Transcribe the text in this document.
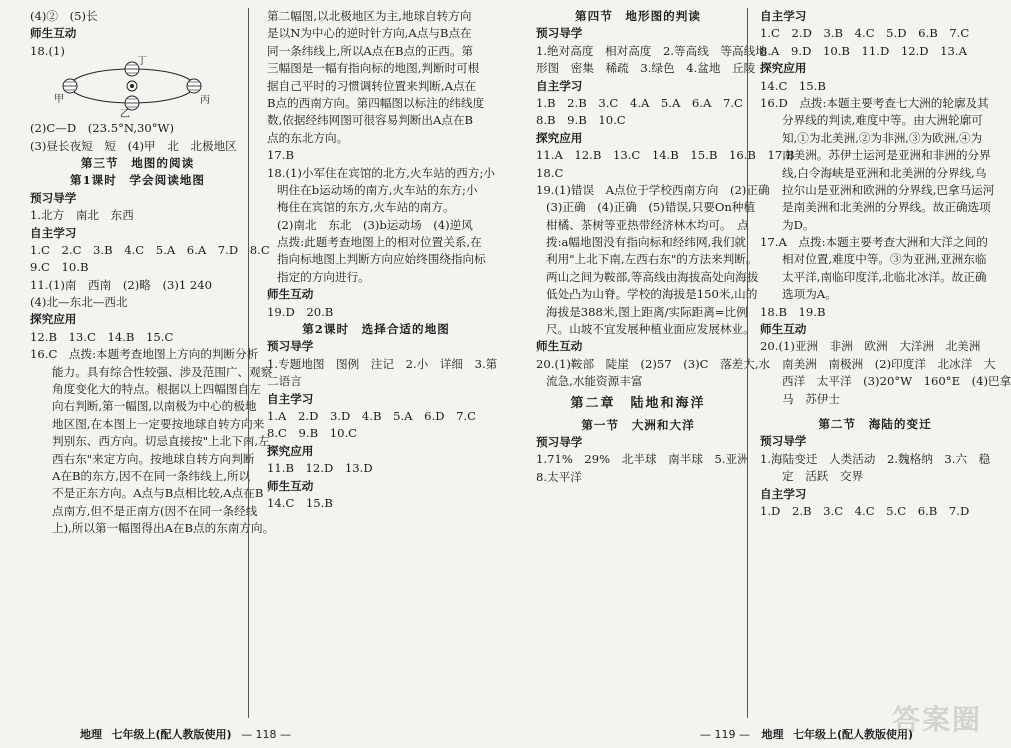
(4)②　(5)长
师生互动
18.(1)
丁
甲
乙
丙
(2)C—D　(23.5°N,30°W)
(3)昼长夜短　短　(4)甲　北　北极地区
第三节　地图的阅读
第1课时　学会阅读地图
预习导学
1.北方　南北　东西
自主学习
1.C　2.C　3.B　4.C　5.A　6.A　7.D　8.C
9.C　10.B
11.(1)南　西南　(2)略　(3)1 240
(4)北—东北—西北
探究应用
12.B　13.C　14.B　15.C
16.C　点拨:本题考查地图上方向的判断分析
能力。具有综合性较强、涉及范围广、观察
角度变化大的特点。根据以上四幅图自左
向右判断,第一幅图,以南极为中心的极地
地区图,在本图上一定要按地球自转方向来
判别东、西方向。切忌直接按"上北下南,左
西右东"来定方向。按地球自转方向判断
A在B的东方,因不在同一条纬线上,所以
不是正东方向。A点与B点相比较,A点在B
点南方,但不是正南方(因不在同一条经线
上),所以第一幅图得出A在B点的东南方向。
第二幅图,以北极地区为主,地球自转方向
是以N为中心的逆时针方向,A点与B点在
同一条纬线上,所以A点在B点的正西。第
三幅图是一幅有指向标的地图,判断时可根
据自己平时的习惯调转位置来判断,A点在
B点的西南方向。第四幅图以标注的纬线度
数,依据经纬网图可很容易判断出A点在B
点的东北方向。
17.B
18.(1)小军住在宾馆的北方,火车站的西方;小
明住在b运动场的南方,火车站的东方;小
梅住在宾馆的东方,火车站的南方。
(2)南北　东北　(3)b运动场　(4)逆风
点拨:此题考查地图上的相对位置关系,在
指向标地图上判断方向应始终围绕指向标
指定的方向进行。
师生互动
19.D　20.B
第2课时　选择合适的地图
预习导学
1.专题地图　图例　注记　2.小　详细　3.第
二语言
自主学习
1.A　2.D　3.D　4.B　5.A　6.D　7.C
8.C　9.B　10.C
探究应用
11.B　12.D　13.D
师生互动
14.C　15.B
第四节　地形图的判读
预习导学
1.绝对高度　相对高度　2.等高线　等高线地
形图　密集　稀疏　3.绿色　4.盆地　丘陵
自主学习
1.B　2.B　3.C　4.A　5.A　6.A　7.C
8.B　9.B　10.C
探究应用
11.A　12.B　13.C　14.B　15.B　16.B　17.B
18.C
19.(1)错误　A点位于学校西南方向　(2)正确
(3)正确　(4)正确　(5)错误,只要On种植
柑橘、茶树等亚热带经济林木均可。　点
拨:a幅地图没有指向标和经纬网,我们就
利用"上北下南,左西右东"的方法来判断。
两山之间为鞍部,等高线由海拔高处向海拔
低处凸为山脊。学校的海拔是150米,山的
海拔是388米,图上距离/实际距离=比例
尺。山坡不宜发展种植业面应发展林业。
师生互动
20.(1)鞍部　陡崖　(2)57　(3)C　落差大,水
流急,水能资源丰富
第二章　陆地和海洋
第一节　大洲和大洋
预习导学
1.71%　29%　北半球　南半球　5.亚洲
8.太平洋
自主学习
1.C　2.D　3.B　4.C　5.D　6.B　7.C
8.A　9.D　10.B　11.D　12.D　13.A
探究应用
14.C　15.B
16.D　点拨:本题主要考查七大洲的轮廓及其
分界线的判读,难度中等。由大洲轮廓可
知,①为北美洲,②为非洲,③为欧洲,④为
南美洲。苏伊士运河是亚洲和非洲的分界
线,白令海峡是亚洲和北美洲的分界线,乌
拉尔山是亚洲和欧洲的分界线,巴拿马运河
是南美洲和北美洲的分界线。故正确选项
为D。
17.A　点拨:本题主要考查大洲和大洋之间的
相对位置,难度中等。③为亚洲,亚洲东临
太平洋,南临印度洋,北临北冰洋。故正确
选项为A。
18.B　19.B
师生互动
20.(1)亚洲　非洲　欧洲　大洋洲　北美洲
南美洲　南极洲　(2)印度洋　北冰洋　大
西洋　太平洋　(3)20°W　160°E　(4)巴拿
马　苏伊士
第二节　海陆的变迁
预习导学
1.海陆变迁　人类活动　2.魏格纳　3.六　稳
定　活跃　交界
自主学习
1.D　2.B　3.C　4.C　5.C　6.B　7.D
地理 七年级上(配人教版使用) — 118 —	— 119 — 地理 七年级上(配人教版使用)
答案圈
